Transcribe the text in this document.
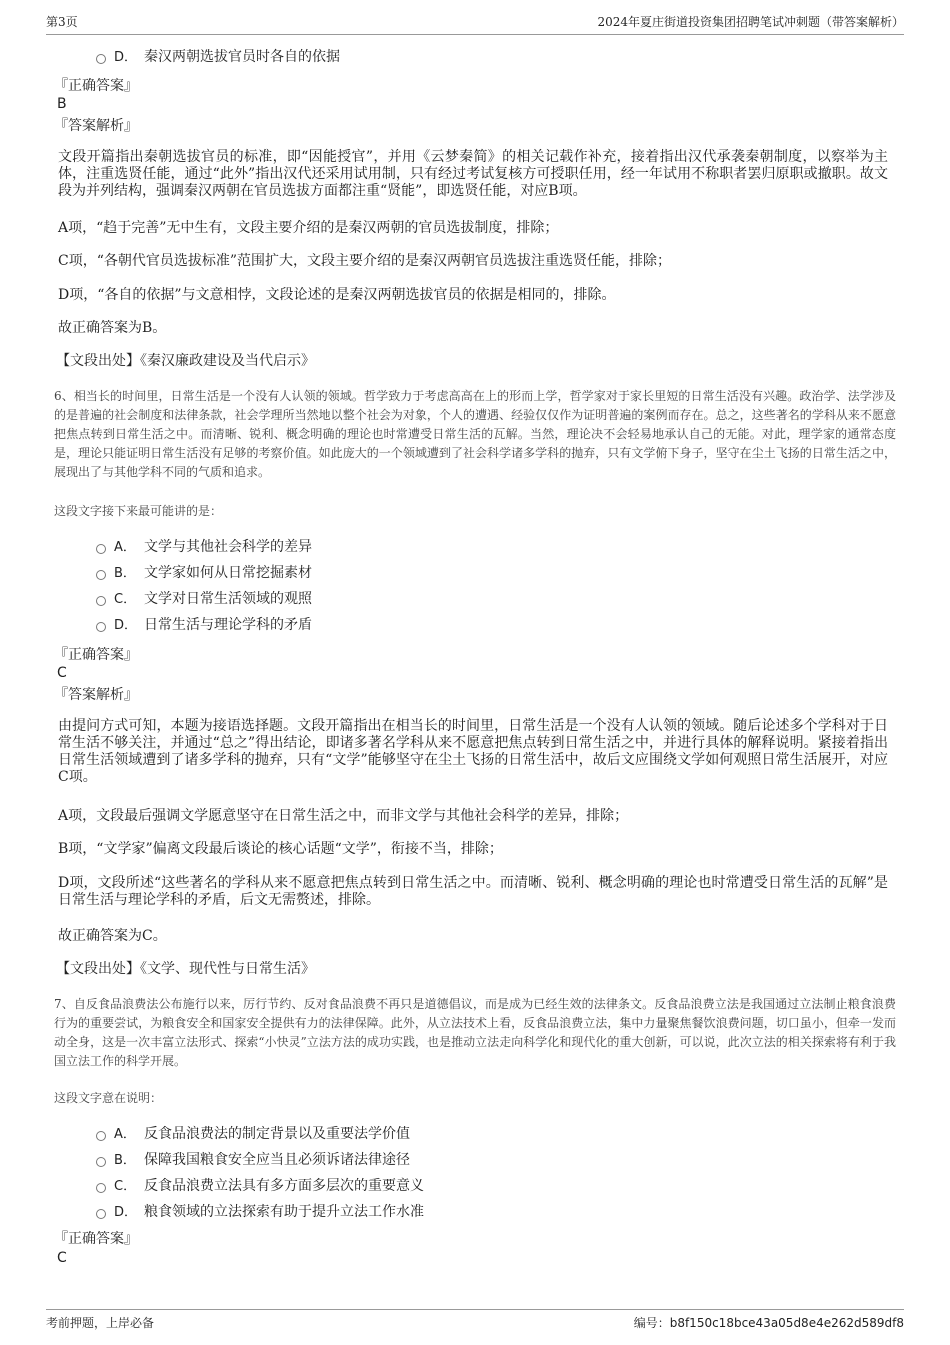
第3页	2024年夏庄街道投资集团招聘笔试冲刺题（带答案解析）
D． 秦汉两朝选拔官员时各自的依据
『正确答案』
B
『答案解析』
文段开篇指出秦朝选拔官员的标准，即“因能授官”，并用《云梦秦简》的相关记载作补充，接着指出汉代承袭秦朝制度，以察举为主体，注重选贤任能，通过“此外”指出汉代还采用试用制，只有经过考试复核方可授职任用，经一年试用不称职者罢归原职或撤职。故文段为并列结构，强调秦汉两朝在官员选拔方面都注重“贤能”，即选贤任能，对应B项。
A项，“趋于完善”无中生有，文段主要介绍的是秦汉两朝的官员选拔制度，排除；
C项，“各朝代官员选拔标准”范围扩大，文段主要介绍的是秦汉两朝官员选拔注重选贤任能，排除；
D项，“各自的依据”与文意相悖，文段论述的是秦汉两朝选拔官员的依据是相同的，排除。
故正确答案为B。
【文段出处】《秦汉廉政建设及当代启示》
6、相当长的时间里，日常生活是一个没有人认领的领域。哲学致力于考虑高高在上的形而上学，哲学家对于家长里短的日常生活没有兴趣。政治学、法学涉及的是普遍的社会制度和法律条款，社会学理所当然地以整个社会为对象，个人的遭遇、经验仅仅作为证明普遍的案例而存在。总之，这些著名的学科从来不愿意把焦点转到日常生活之中。而清晰、锐利、概念明确的理论也时常遭受日常生活的瓦解。当然，理论决不会轻易地承认自己的无能。对此，理学家的通常态度是，理论只能证明日常生活没有足够的考察价值。如此庞大的一个领域遭到了社会科学诸多学科的抛弃，只有文学俯下身子，坚守在尘土飞扬的日常生活之中，展现出了与其他学科不同的气质和追求。
这段文字接下来最可能讲的是：
A． 文学与其他社会科学的差异
B． 文学家如何从日常挖掘素材
C． 文学对日常生活领域的观照
D． 日常生活与理论学科的矛盾
『正确答案』
C
『答案解析』
由提问方式可知，本题为接语选择题。文段开篇指出在相当长的时间里，日常生活是一个没有人认领的领域。随后论述多个学科对于日常生活不够关注，并通过“总之”得出结论，即诸多著名学科从来不愿意把焦点转到日常生活之中，并进行具体的解释说明。紧接着指出日常生活领域遭到了诸多学科的抛弃，只有“文学”能够坚守在尘土飞扬的日常生活中，故后文应围绕文学如何观照日常生活展开，对应C项。
A项，文段最后强调文学愿意坚守在日常生活之中，而非文学与其他社会科学的差异，排除；
B项，“文学家”偏离文段最后谈论的核心话题“文学”，衔接不当，排除；
D项，文段所述“这些著名的学科从来不愿意把焦点转到日常生活之中。而清晰、锐利、概念明确的理论也时常遭受日常生活的瓦解”是日常生活与理论学科的矛盾，后文无需赘述，排除。
故正确答案为C。
【文段出处】《文学、现代性与日常生活》
7、自反食品浪费法公布施行以来，厉行节约、反对食品浪费不再只是道德倡议，而是成为已经生效的法律条文。反食品浪费立法是我国通过立法制止粮食浪费行为的重要尝试，为粮食安全和国家安全提供有力的法律保障。此外，从立法技术上看，反食品浪费立法，集中力量聚焦餐饮浪费问题，切口虽小，但牵一发而动全身，这是一次丰富立法形式、探索“小快灵”立法方法的成功实践，也是推动立法走向科学化和现代化的重大创新，可以说，此次立法的相关探索将有利于我国立法工作的科学开展。
这段文字意在说明：
A． 反食品浪费法的制定背景以及重要法学价值
B． 保障我国粮食安全应当且必须诉诸法律途径
C． 反食品浪费立法具有多方面多层次的重要意义
D． 粮食领域的立法探索有助于提升立法工作水准
『正确答案』
C
考前押题，上岸必备	编号：b8f150c18bce43a05d8e4e262d589df8
